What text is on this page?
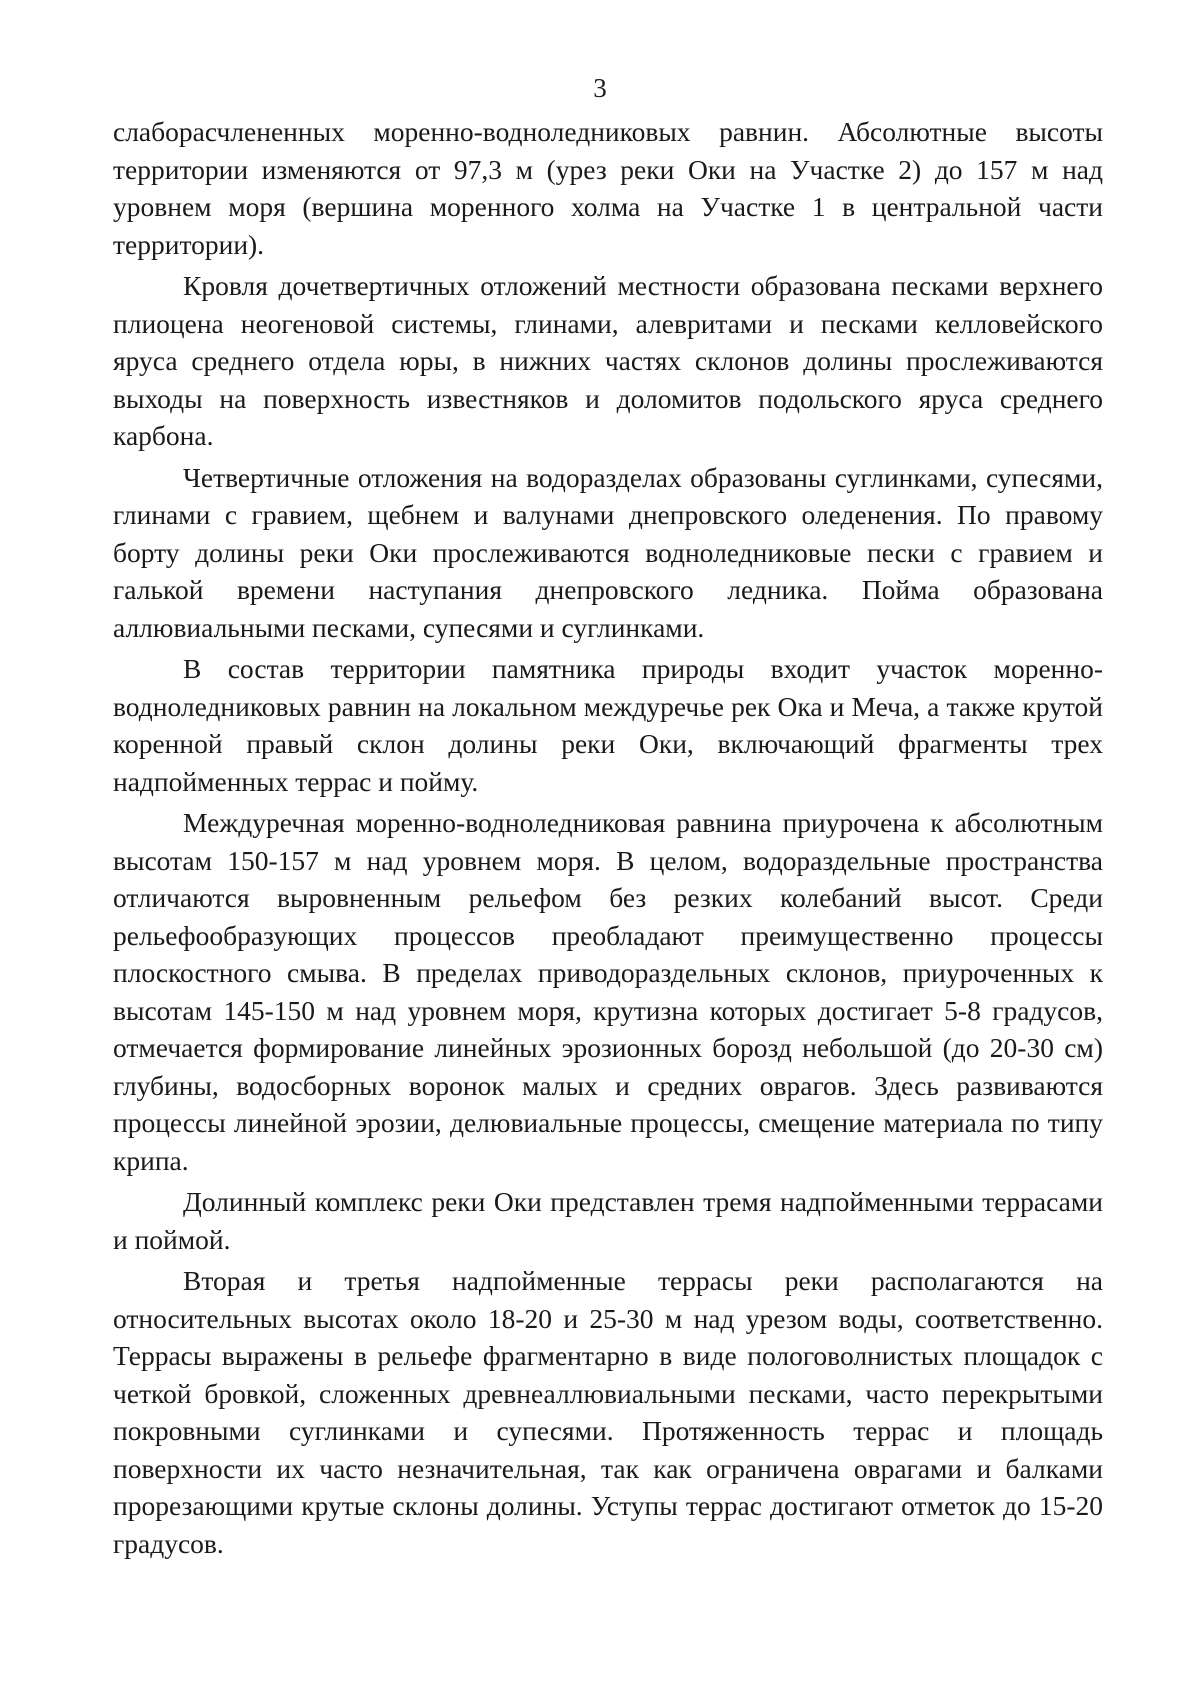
3

слаборасчлененных моренно-водноледниковых равнин. Абсолютные высоты территории изменяются от 97,3 м (урез реки Оки на Участке 2) до 157 м над уровнем моря (вершина моренного холма на Участке 1 в центральной части территории).

Кровля дочетвертичных отложений местности образована песками верхнего плиоцена неогеновой системы, глинами, алевритами и песками келловейского яруса среднего отдела юры, в нижних частях склонов долины прослеживаются выходы на поверхность известняков и доломитов подольского яруса среднего карбона.

Четвертичные отложения на водоразделах образованы суглинками, супесями, глинами с гравием, щебнем и валунами днепровского оледенения. По правому борту долины реки Оки прослеживаются водноледниковые пески с гравием и галькой времени наступания днепровского ледника. Пойма образована аллювиальными песками, супесями и суглинками.

В состав территории памятника природы входит участок моренно-водноледниковых равнин на локальном междуречье рек Ока и Меча, а также крутой коренной правый склон долины реки Оки, включающий фрагменты трех надпойменных террас и пойму.

Междуречная моренно-водноледниковая равнина приурочена к абсолютным высотам 150-157 м над уровнем моря. В целом, водораздельные пространства отличаются выровненным рельефом без резких колебаний высот. Среди рельефообразующих процессов преобладают преимущественно процессы плоскостного смыва. В пределах приводораздельных склонов, приуроченных к высотам 145-150 м над уровнем моря, крутизна которых достигает 5-8 градусов, отмечается формирование линейных эрозионных борозд небольшой (до 20-30 см) глубины, водосборных воронок малых и средних оврагов. Здесь развиваются процессы линейной эрозии, делювиальные процессы, смещение материала по типу крипа.

Долинный комплекс реки Оки представлен тремя надпойменными террасами и поймой.

Вторая и третья надпойменные террасы реки располагаются на относительных высотах около 18-20 и 25-30 м над урезом воды, соответственно. Террасы выражены в рельефе фрагментарно в виде пологоволнистых площадок с четкой бровкой, сложенных древнеаллювиальными песками, часто перекрытыми покровными суглинками и супесями. Протяженность террас и площадь поверхности их часто незначительная, так как ограничена оврагами и балками прорезающими крутые склоны долины. Уступы террас достигают отметок до 15-20 градусов.
